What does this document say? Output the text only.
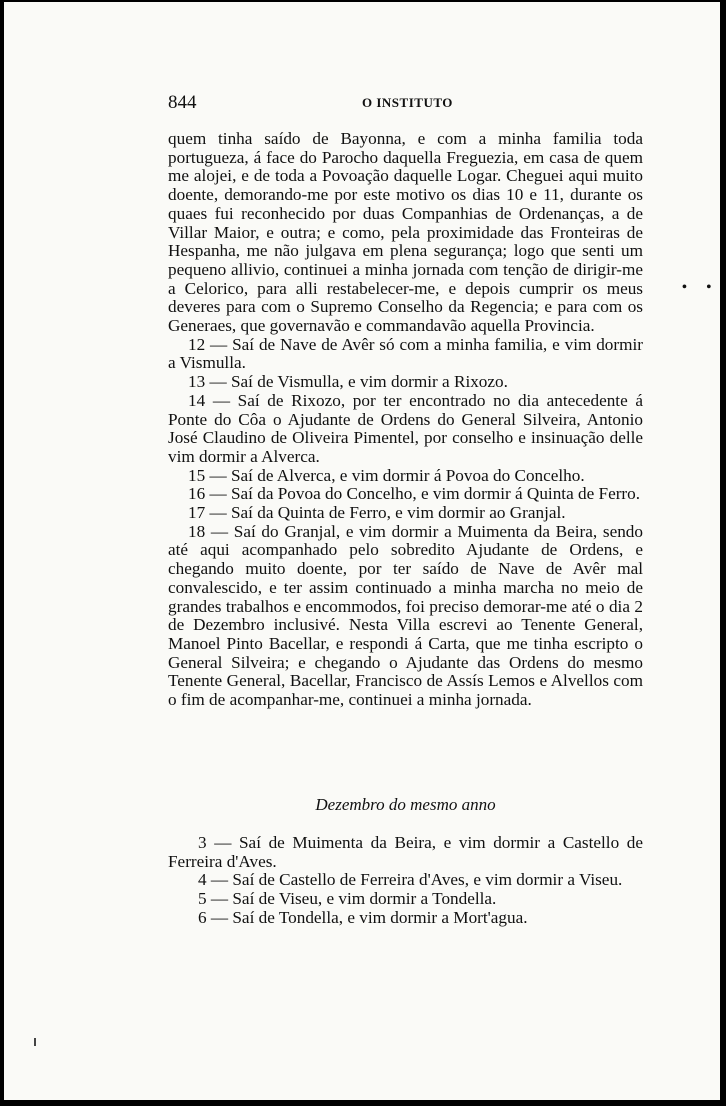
844	O INSTITUTO
• •

quem tinha saído de Bayonna, e com a minha familia toda portugueza, á face do Parocho daquella Freguezia, em casa de quem me alojei, e de toda a Povoação daquelle Logar. Cheguei aqui muito doente, demorando-me por este motivo os dias 10 e 11, durante os quaes fui reconhecido por duas Companhias de Ordenanças, a de Villar Maior, e outra; e como, pela proximidade das Fronteiras de Hespanha, me não julgava em plena segurança; logo que senti um pequeno allivio, continuei a minha jornada com tenção de dirigir-me a Celorico, para alli restabelecer-me, e depois cumprir os meus deveres para com o Supremo Conselho da Regencia; e para com os Generaes, que governavão e commandavão aquella Provincia.

12 — Saí de Nave de Avêr só com a minha familia, e vim dormir a Vismulla.

13 — Saí de Vismulla, e vim dormir a Rixozo.

14 — Saí de Rixozo, por ter encontrado no dia antecedente á Ponte do Côa o Ajudante de Ordens do General Silveira, Antonio José Claudino de Oliveira Pimentel, por conselho e insinuação delle vim dormir a Alverca.

15 — Saí de Alverca, e vim dormir á Povoa do Concelho.

16 — Saí da Povoa do Concelho, e vim dormir á Quinta de Ferro.

17 — Saí da Quinta de Ferro, e vim dormir ao Granjal.

18 — Saí do Granjal, e vim dormir a Muimenta da Beira, sendo até aqui acompanhado pelo sobredito Ajudante de Ordens, e chegando muito doente, por ter saído de Nave de Avêr mal convalescido, e ter assim continuado a minha marcha no meio de grandes trabalhos e encommodos, foi preciso demorar-me até o dia 2 de Dezembro inclusivé. Nesta Villa escrevi ao Tenente General, Manoel Pinto Bacellar, e respondi á Carta, que me tinha escripto o General Silveira; e chegando o Ajudante das Ordens do mesmo Tenente General, Bacellar, Francisco de Assís Lemos e Alvellos com o fim de acompanhar-me, continuei a minha jornada.

Dezembro do mesmo anno

3 — Saí de Muimenta da Beira, e vim dormir a Castello de Ferreira d'Aves.

4 — Saí de Castello de Ferreira d'Aves, e vim dormir a Viseu.

5 — Saí de Viseu, e vim dormir a Tondella.

6 — Saí de Tondella, e vim dormir a Mort'agua.
